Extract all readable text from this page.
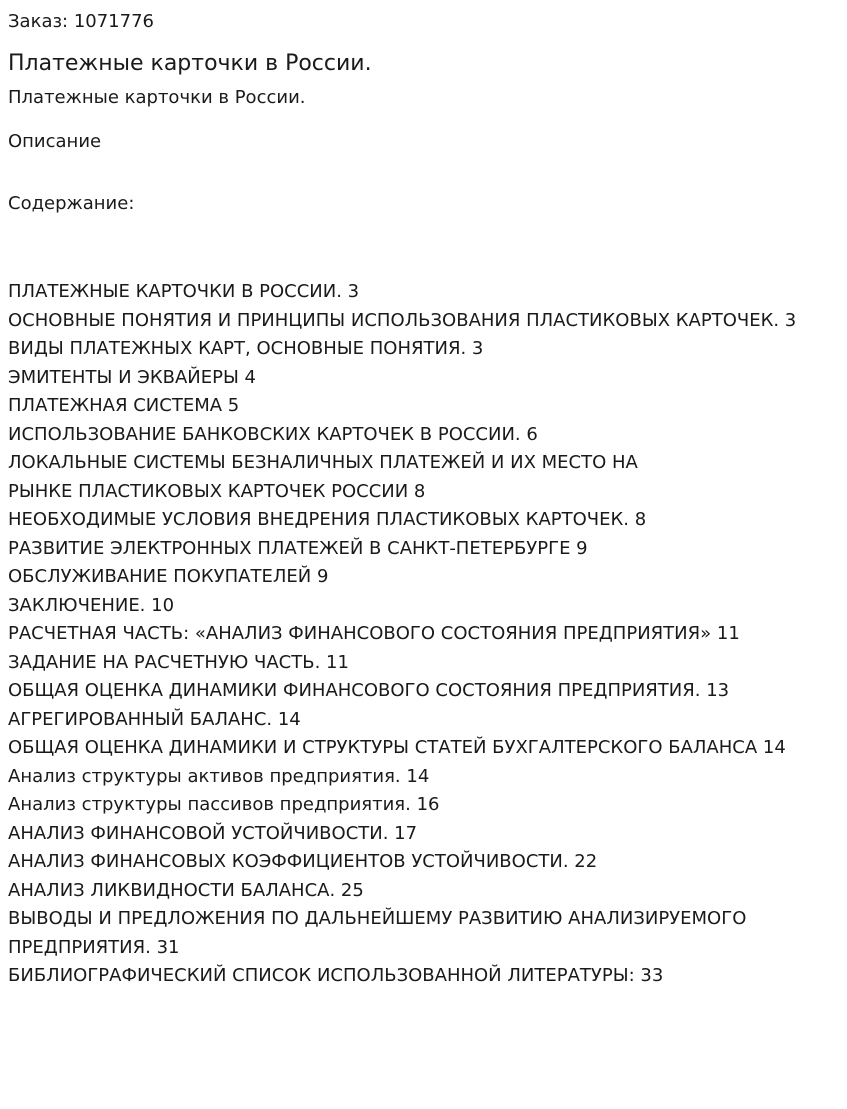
Заказ: 1071776

Платежные карточки в России.

Платежные карточки в России.

Описание

Содержание:

ПЛАТЕЖНЫЕ КАРТОЧКИ В РОССИИ. 3
ОСНОВНЫЕ ПОНЯТИЯ И ПРИНЦИПЫ ИСПОЛЬЗОВАНИЯ ПЛАСТИКОВЫХ КАРТОЧЕК. 3
ВИДЫ ПЛАТЕЖНЫХ КАРТ, ОСНОВНЫЕ ПОНЯТИЯ. 3
ЭМИТЕНТЫ И ЭКВАЙЕРЫ 4
ПЛАТЕЖНАЯ СИСТЕМА 5
ИСПОЛЬЗОВАНИЕ БАНКОВСКИХ КАРТОЧЕК В РОССИИ. 6
ЛОКАЛЬНЫЕ СИСТЕМЫ БЕЗНАЛИЧНЫХ ПЛАТЕЖЕЙ И ИХ МЕСТО НА
РЫНКЕ ПЛАСТИКОВЫХ КАРТОЧЕК РОССИИ 8
НЕОБХОДИМЫЕ УСЛОВИЯ ВНЕДРЕНИЯ ПЛАСТИКОВЫХ КАРТОЧЕК. 8
РАЗВИТИЕ ЭЛЕКТРОННЫХ ПЛАТЕЖЕЙ В САНКТ-ПЕТЕРБУРГЕ 9
ОБСЛУЖИВАНИЕ ПОКУПАТЕЛЕЙ 9
ЗАКЛЮЧЕНИЕ. 10
РАСЧЕТНАЯ ЧАСТЬ: «АНАЛИЗ ФИНАНСОВОГО СОСТОЯНИЯ ПРЕДПРИЯТИЯ» 11
ЗАДАНИЕ НА РАСЧЕТНУЮ ЧАСТЬ. 11
ОБЩАЯ ОЦЕНКА ДИНАМИКИ ФИНАНСОВОГО СОСТОЯНИЯ ПРЕДПРИЯТИЯ. 13
АГРЕГИРОВАННЫЙ БАЛАНС. 14
ОБЩАЯ ОЦЕНКА ДИНАМИКИ И СТРУКТУРЫ СТАТЕЙ БУХГАЛТЕРСКОГО БАЛАНСА 14
Анализ структуры активов предприятия. 14
Анализ структуры пассивов предприятия. 16
АНАЛИЗ ФИНАНСОВОЙ УСТОЙЧИВОСТИ. 17
АНАЛИЗ ФИНАНСОВЫХ КОЭФФИЦИЕНТОВ УСТОЙЧИВОСТИ. 22
АНАЛИЗ ЛИКВИДНОСТИ БАЛАНСА. 25
ВЫВОДЫ И ПРЕДЛОЖЕНИЯ ПО ДАЛЬНЕЙШЕМУ РАЗВИТИЮ АНАЛИЗИРУЕМОГО ПРЕДПРИЯТИЯ. 31
БИБЛИОГРАФИЧЕСКИЙ СПИСОК ИСПОЛЬЗОВАННОЙ ЛИТЕРАТУРЫ: 33
